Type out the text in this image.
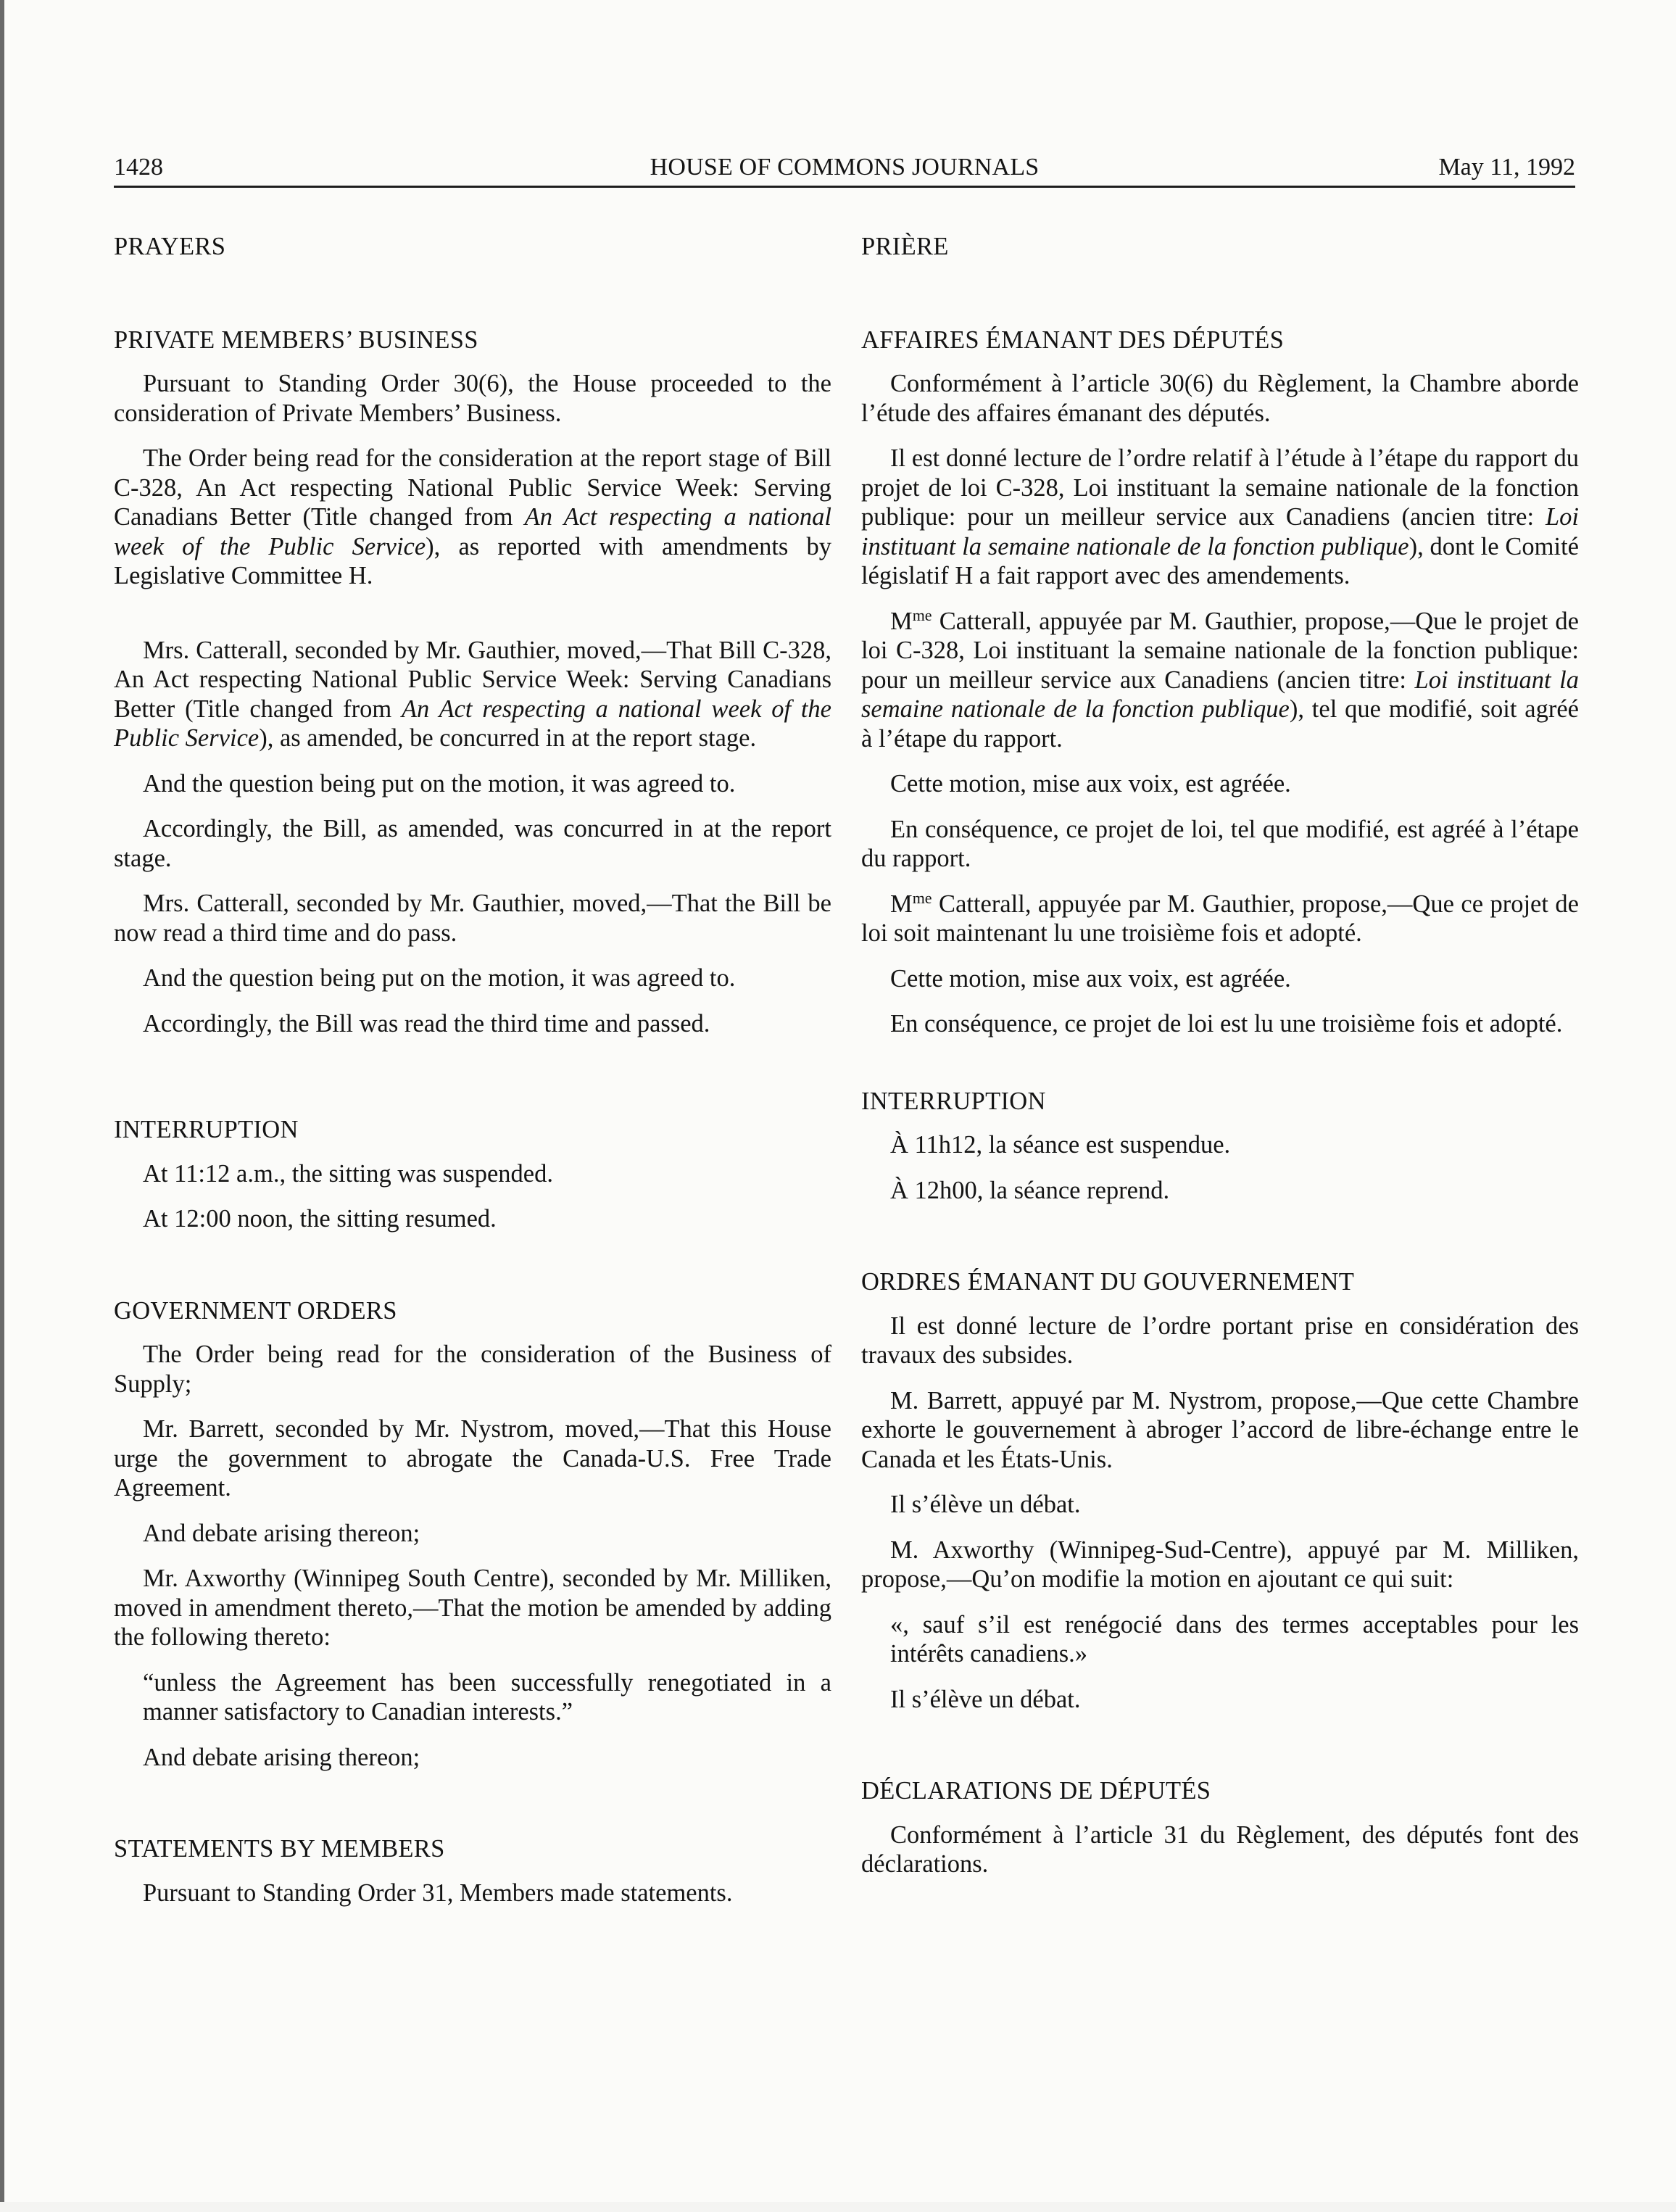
1428	HOUSE OF COMMONS JOURNALS	May 11, 1992
PRAYERS
PRIVATE MEMBERS’ BUSINESS

Pursuant to Standing Order 30(6), the House proceeded to the consideration of Private Members’ Business.

The Order being read for the consideration at the report stage of Bill C-328, An Act respecting National Public Service Week: Serving Canadians Better (Title changed from An Act respecting a national week of the Public Service), as reported with amendments by Legislative Committee H.

Mrs. Catterall, seconded by Mr. Gauthier, moved,—That Bill C-328, An Act respecting National Public Service Week: Serving Canadians Better (Title changed from An Act respecting a national week of the Public Service), as amended, be concurred in at the report stage.

And the question being put on the motion, it was agreed to.

Accordingly, the Bill, as amended, was concurred in at the report stage.

Mrs. Catterall, seconded by Mr. Gauthier, moved,—That the Bill be now read a third time and do pass.

And the question being put on the motion, it was agreed to.

Accordingly, the Bill was read the third time and passed.

INTERRUPTION

At 11:12 a.m., the sitting was suspended.

At 12:00 noon, the sitting resumed.

GOVERNMENT ORDERS

The Order being read for the consideration of the Business of Supply;

Mr. Barrett, seconded by Mr. Nystrom, moved,—That this House urge the government to abrogate the Canada-U.S. Free Trade Agreement.

And debate arising thereon;

Mr. Axworthy (Winnipeg South Centre), seconded by Mr. Milliken, moved in amendment thereto,—That the motion be amended by adding the following thereto:

“unless the Agreement has been successfully renegotiated in a manner satisfactory to Canadian interests.”

And debate arising thereon;

STATEMENTS BY MEMBERS

Pursuant to Standing Order 31, Members made statements.

PRIÈRE
AFFAIRES ÉMANANT DES DÉPUTÉS

Conformément à l’article 30(6) du Règlement, la Chambre aborde l’étude des affaires émanant des députés.

Il est donné lecture de l’ordre relatif à l’étude à l’étape du rapport du projet de loi C-328, Loi instituant la semaine nationale de la fonction publique: pour un meilleur service aux Canadiens (ancien titre: Loi instituant la semaine nationale de la fonction publique), dont le Comité législatif H a fait rapport avec des amendements.

$M^{me}$ Catterall, appuyée par M. Gauthier, propose,—Que le projet de loi C-328, Loi instituant la semaine nationale de la fonction publique: pour un meilleur service aux Canadiens (ancien titre: Loi instituant la semaine nationale de la fonction publique), tel que modifié, soit agréé à l’étape du rapport.

Cette motion, mise aux voix, est agréée.

En conséquence, ce projet de loi, tel que modifié, est agréé à l’étape du rapport.

$M^{me}$ Catterall, appuyée par M. Gauthier, propose,—Que ce projet de loi soit maintenant lu une troisième fois et adopté.

Cette motion, mise aux voix, est agréée.

En conséquence, ce projet de loi est lu une troisième fois et adopté.

INTERRUPTION

À 11h12, la séance est suspendue.

À 12h00, la séance reprend.

ORDRES ÉMANANT DU GOUVERNEMENT

Il est donné lecture de l’ordre portant prise en considération des travaux des subsides.

M. Barrett, appuyé par M. Nystrom, propose,—Que cette Chambre exhorte le gouvernement à abroger l’accord de libre-échange entre le Canada et les États-Unis.

Il s’élève un débat.

M. Axworthy (Winnipeg-Sud-Centre), appuyé par M. Milliken, propose,—Qu’on modifie la motion en ajoutant ce qui suit:

«, sauf s’il est renégocié dans des termes acceptables pour les intérêts canadiens.»

Il s’élève un débat.

DÉCLARATIONS DE DÉPUTÉS

Conformément à l’article 31 du Règlement, des députés font des déclarations.
